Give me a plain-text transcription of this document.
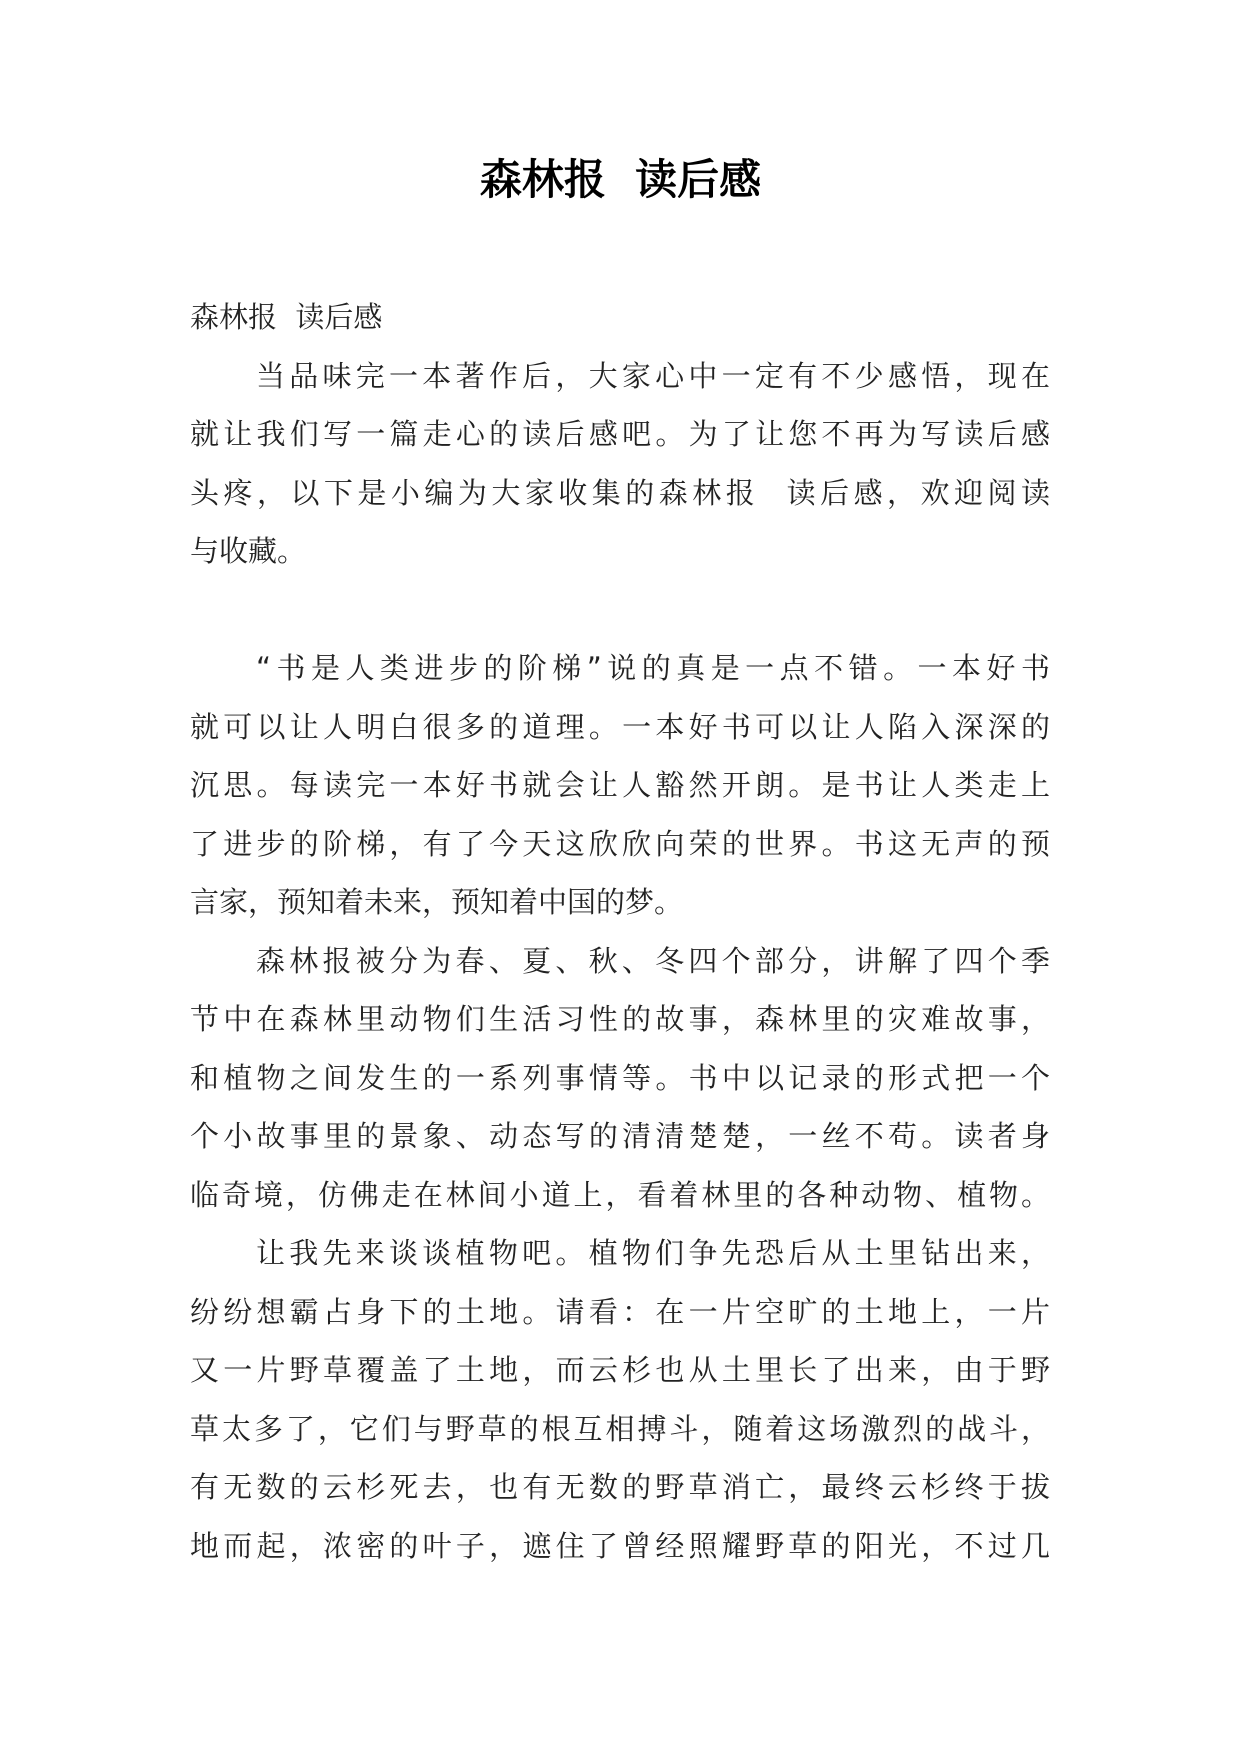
森林报  读后感
森林报  读后感
当品味完一本著作后，大家心中一定有不少感悟，现在
就让我们写一篇走心的读后感吧。为了让您不再为写读后感
头疼，以下是小编为大家收集的森林报  读后感，欢迎阅读
与收藏。
“书是人类进步的阶梯”说的真是一点不错。一本好书
就可以让人明白很多的道理。一本好书可以让人陷入深深的
沉思。每读完一本好书就会让人豁然开朗。是书让人类走上
了进步的阶梯，有了今天这欣欣向荣的世界。书这无声的预
言家，预知着未来，预知着中国的梦。
森林报被分为春、夏、秋、冬四个部分，讲解了四个季
节中在森林里动物们生活习性的故事，森林里的灾难故事，
和植物之间发生的一系列事情等。书中以记录的形式把一个
个小故事里的景象、动态写的清清楚楚，一丝不苟。读者身
临奇境，仿佛走在林间小道上，看着林里的各种动物、植物。
让我先来谈谈植物吧。植物们争先恐后从土里钻出来，
纷纷想霸占身下的土地。请看：在一片空旷的土地上，一片
又一片野草覆盖了土地，而云杉也从土里长了出来，由于野
草太多了，它们与野草的根互相搏斗，随着这场激烈的战斗，
有无数的云杉死去，也有无数的野草消亡，最终云杉终于拔
地而起，浓密的叶子，遮住了曾经照耀野草的阳光，不过几
